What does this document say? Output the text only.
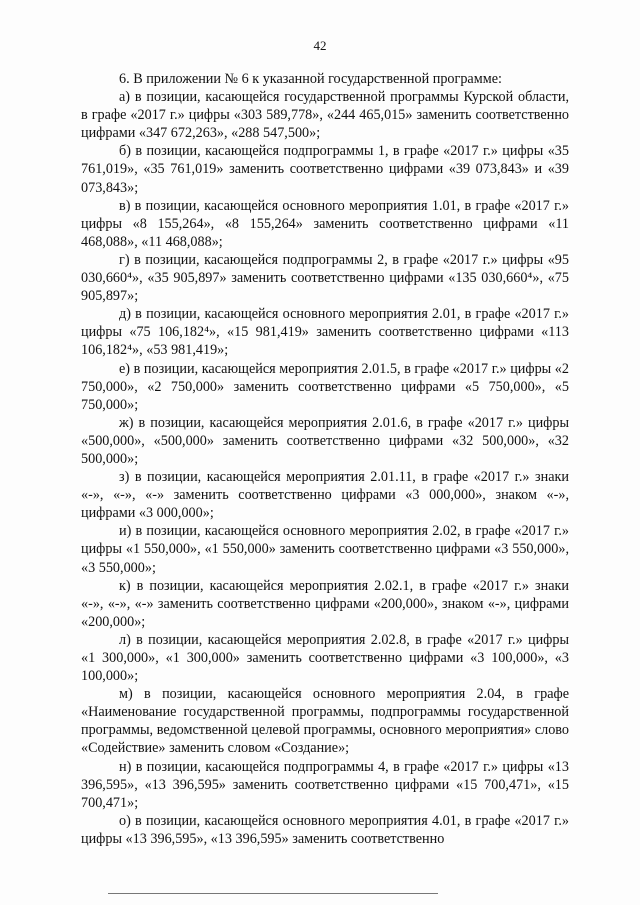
42

6. В приложении № 6 к указанной государственной программе:

а) в позиции, касающейся государственной программы Курской области, в графе «2017 г.» цифры «303 589,778», «244 465,015» заменить соответственно цифрами «347 672,263», «288 547,500»;

б) в позиции, касающейся подпрограммы 1, в графе «2017 г.» цифры «35 761,019», «35 761,019» заменить соответственно цифрами «39 073,843» и «39 073,843»;

в) в позиции, касающейся основного мероприятия 1.01, в графе «2017 г.» цифры «8 155,264», «8 155,264» заменить соответственно цифрами «11 468,088», «11 468,088»;

г) в позиции, касающейся подпрограммы 2, в графе «2017 г.» цифры «95 030,660⁴», «35 905,897» заменить соответственно цифрами «135 030,660⁴», «75 905,897»;

д) в позиции, касающейся основного мероприятия 2.01, в графе «2017 г.» цифры «75 106,182⁴», «15 981,419» заменить соответственно цифрами «113 106,182⁴», «53 981,419»;

е) в позиции, касающейся мероприятия 2.01.5, в графе «2017 г.» цифры «2 750,000», «2 750,000» заменить соответственно цифрами «5 750,000», «5 750,000»;

ж) в позиции, касающейся мероприятия 2.01.6, в графе «2017 г.» цифры «500,000», «500,000» заменить соответственно цифрами «32 500,000», «32 500,000»;

з) в позиции, касающейся мероприятия 2.01.11, в графе «2017 г.» знаки «-», «-», «-» заменить соответственно цифрами «3 000,000», знаком «-», цифрами «3 000,000»;

и) в позиции, касающейся основного мероприятия 2.02, в графе «2017 г.» цифры «1 550,000», «1 550,000» заменить соответственно цифрами «3 550,000», «3 550,000»;

к) в позиции, касающейся мероприятия 2.02.1, в графе «2017 г.» знаки «-», «-», «-» заменить соответственно цифрами «200,000», знаком «-», цифрами «200,000»;

л) в позиции, касающейся мероприятия 2.02.8, в графе «2017 г.» цифры «1 300,000», «1 300,000» заменить соответственно цифрами «3 100,000», «3 100,000»;

м) в позиции, касающейся основного мероприятия 2.04, в графе «Наименование государственной программы, подпрограммы государственной программы, ведомственной целевой программы, основного мероприятия» слово «Содействие» заменить словом «Создание»;

н) в позиции, касающейся подпрограммы 4, в графе «2017 г.» цифры «13 396,595», «13 396,595» заменить соответственно цифрами «15 700,471», «15 700,471»;

о) в позиции, касающейся основного мероприятия 4.01, в графе «2017 г.» цифры «13 396,595», «13 396,595» заменить соответственно
